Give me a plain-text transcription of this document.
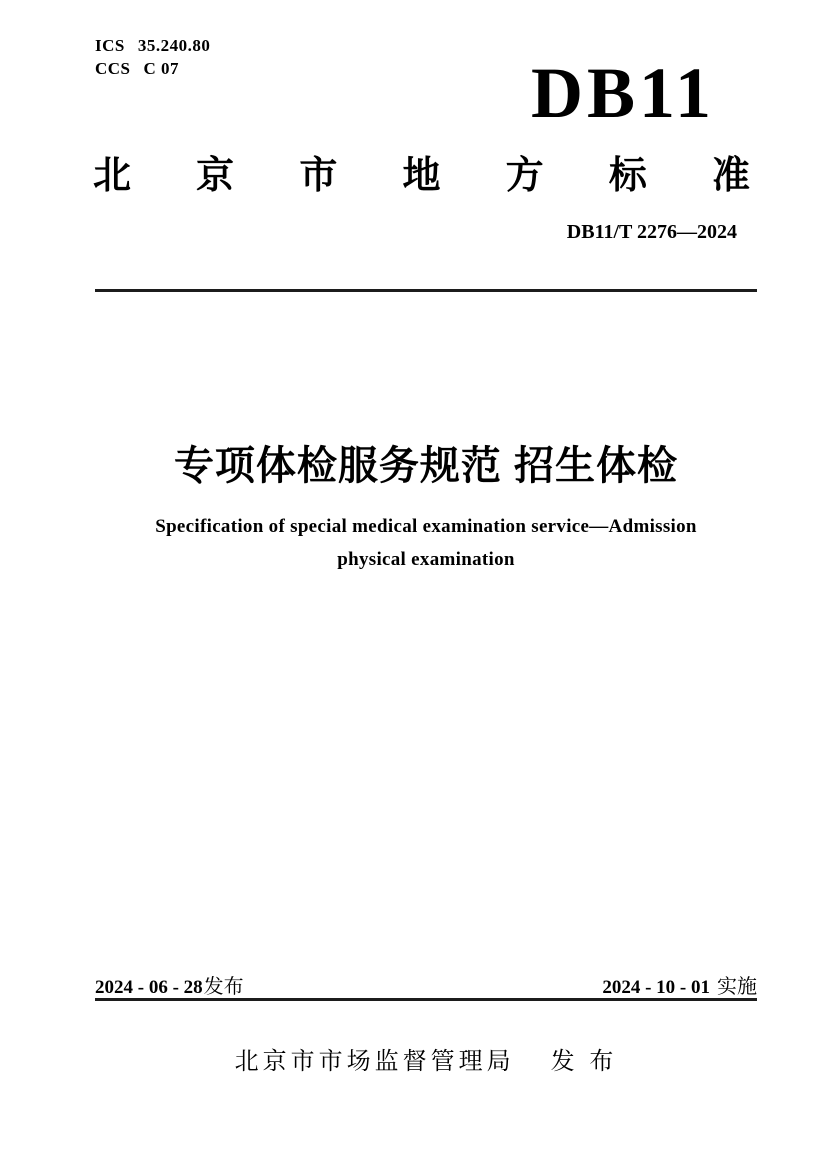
ICS 35.240.80
CCS C 07	DB11
北 京 市 地 方 标 准
DB11/T 2276—2024
专项体检服务规范 招生体检
Specification of special medical examination service—Admission
physical examination
2024 - 06 - 28 发布	2024 - 10 - 01 实施
北京市市场监督管理局 发 布
